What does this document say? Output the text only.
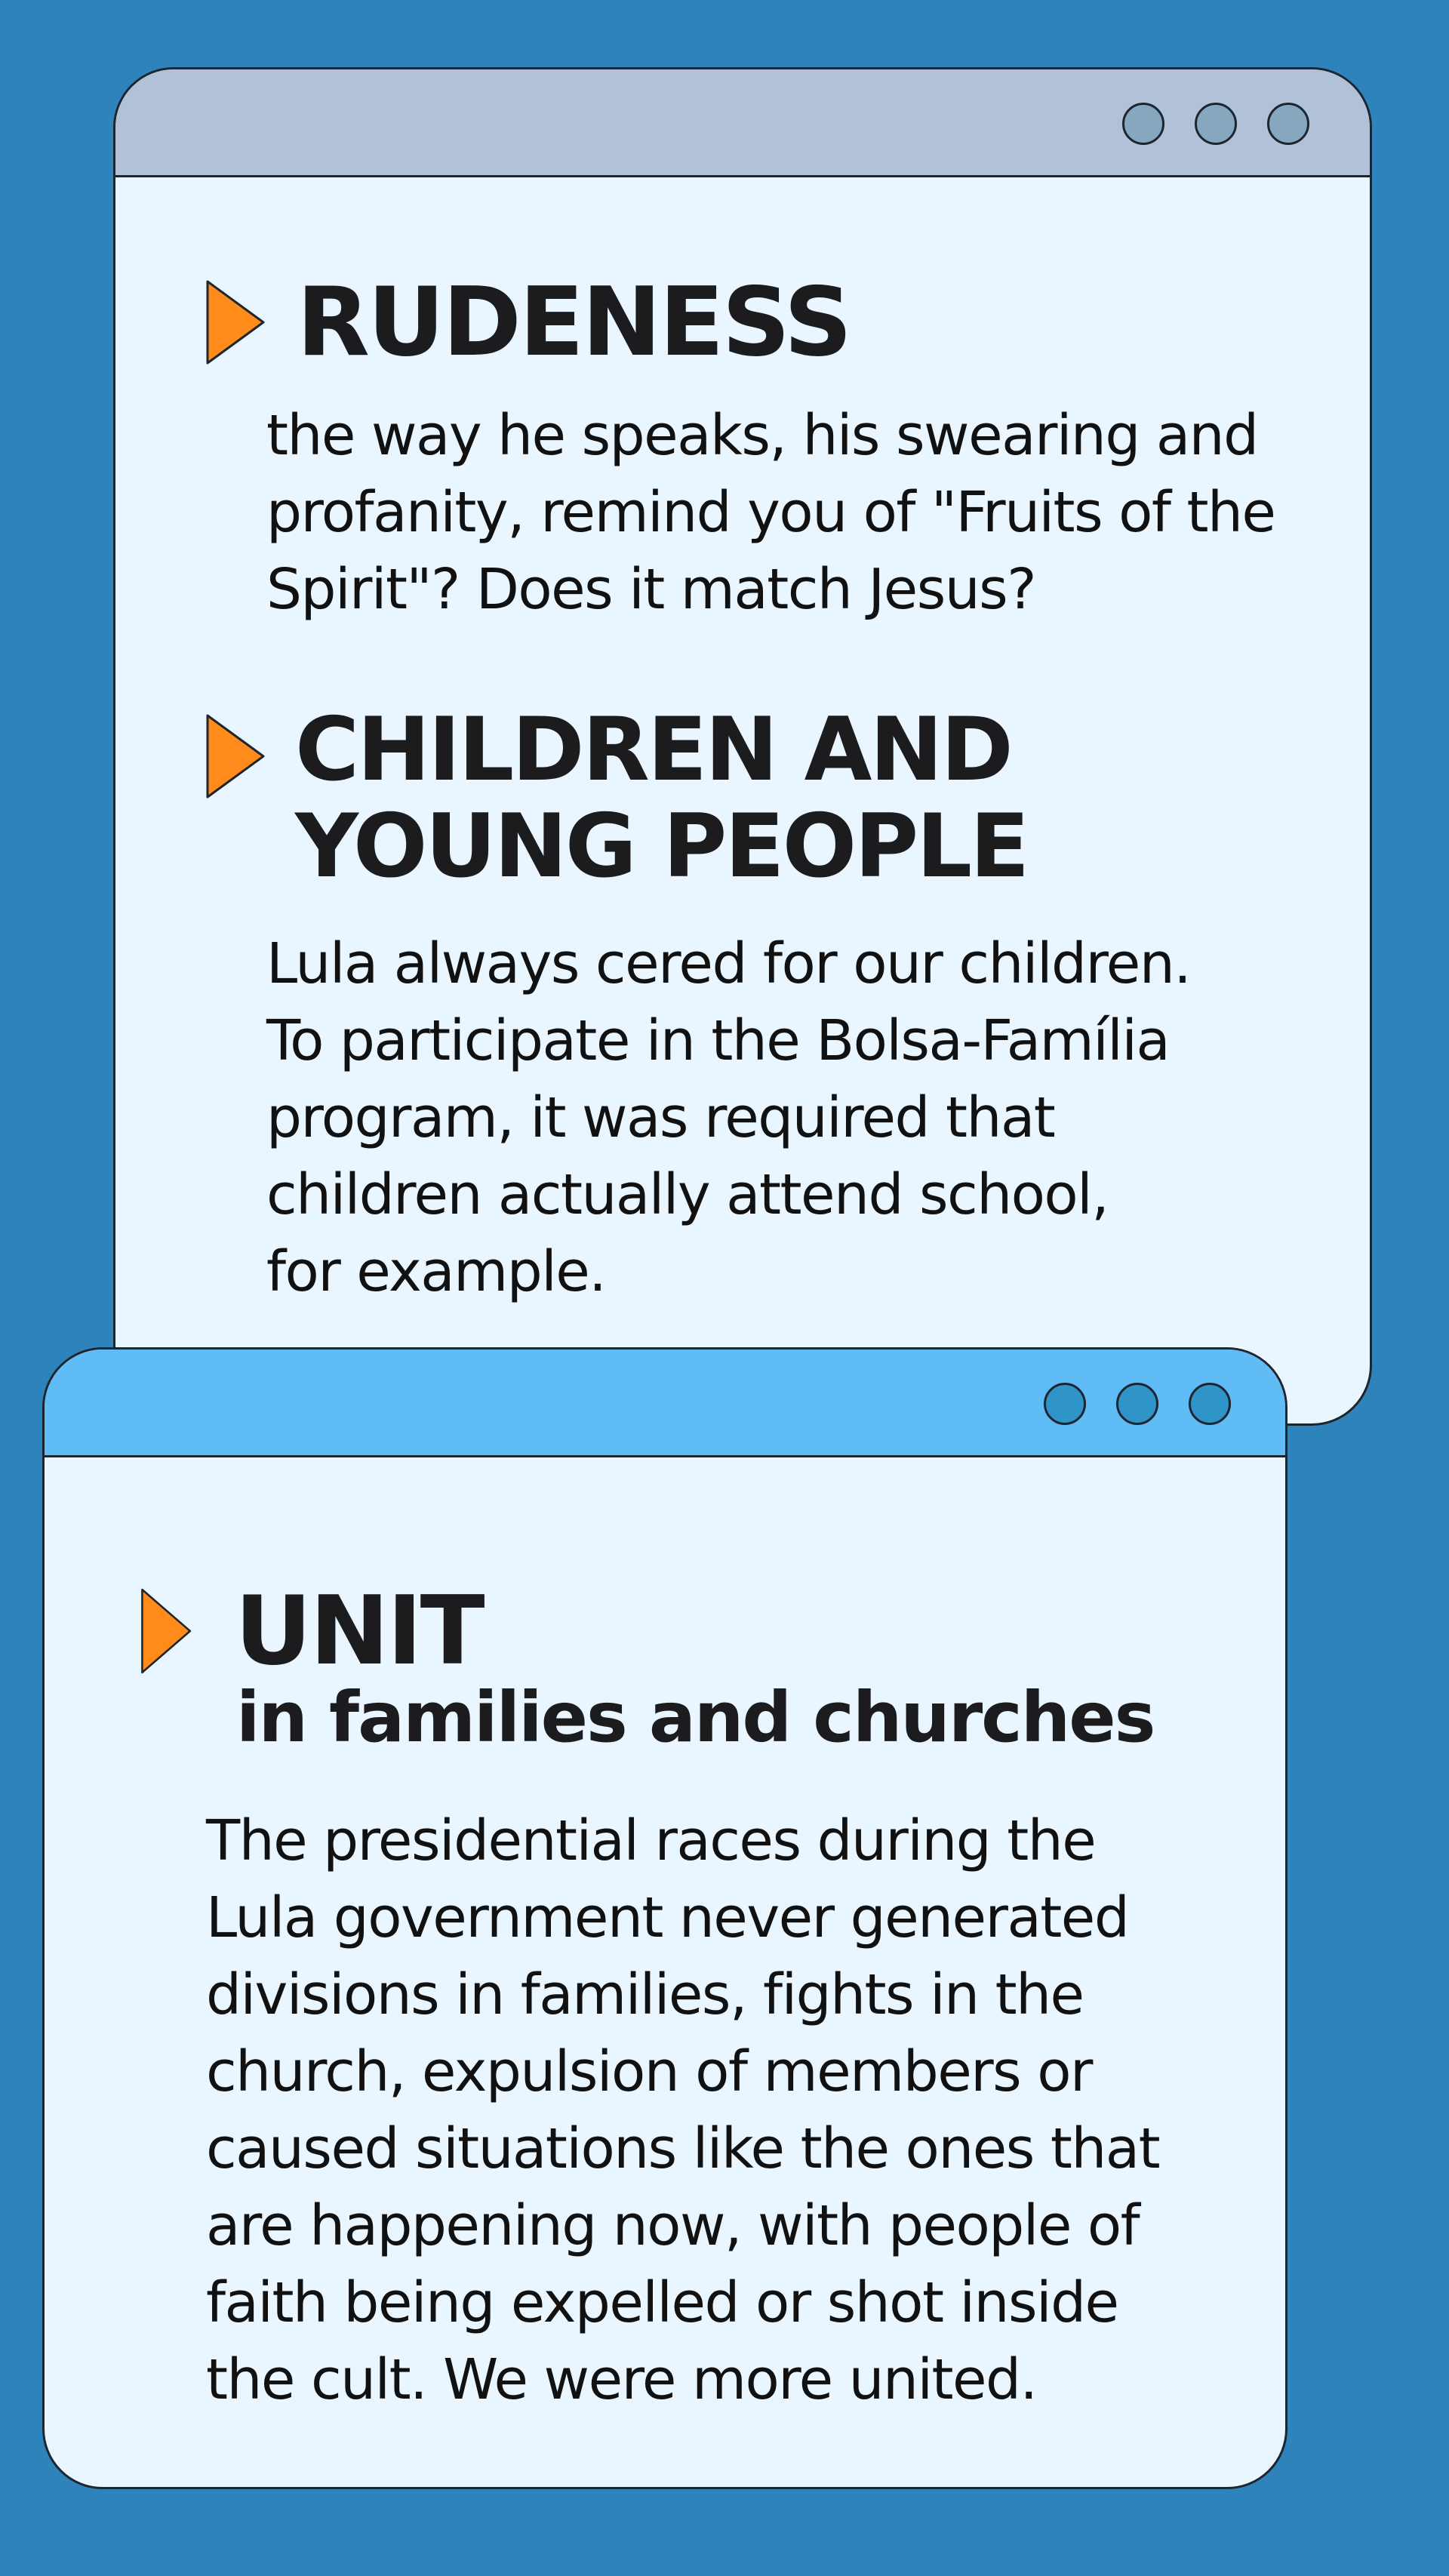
RUDENESS

the way he speaks, his swearing and
profanity, remind you of "Fruits of the
Spirit"? Does it match Jesus?

CHILDREN AND
YOUNG PEOPLE

Lula always cered for our children.
To participate in the Bolsa-Família
program, it was required that
children actually attend school,
for example.

UNIT
in families and churches

The presidential races during the
Lula government never generated
divisions in families, fights in the
church, expulsion of members or
caused situations like the ones that
are happening now, with people of
faith being expelled or shot inside
the cult. We were more united.
